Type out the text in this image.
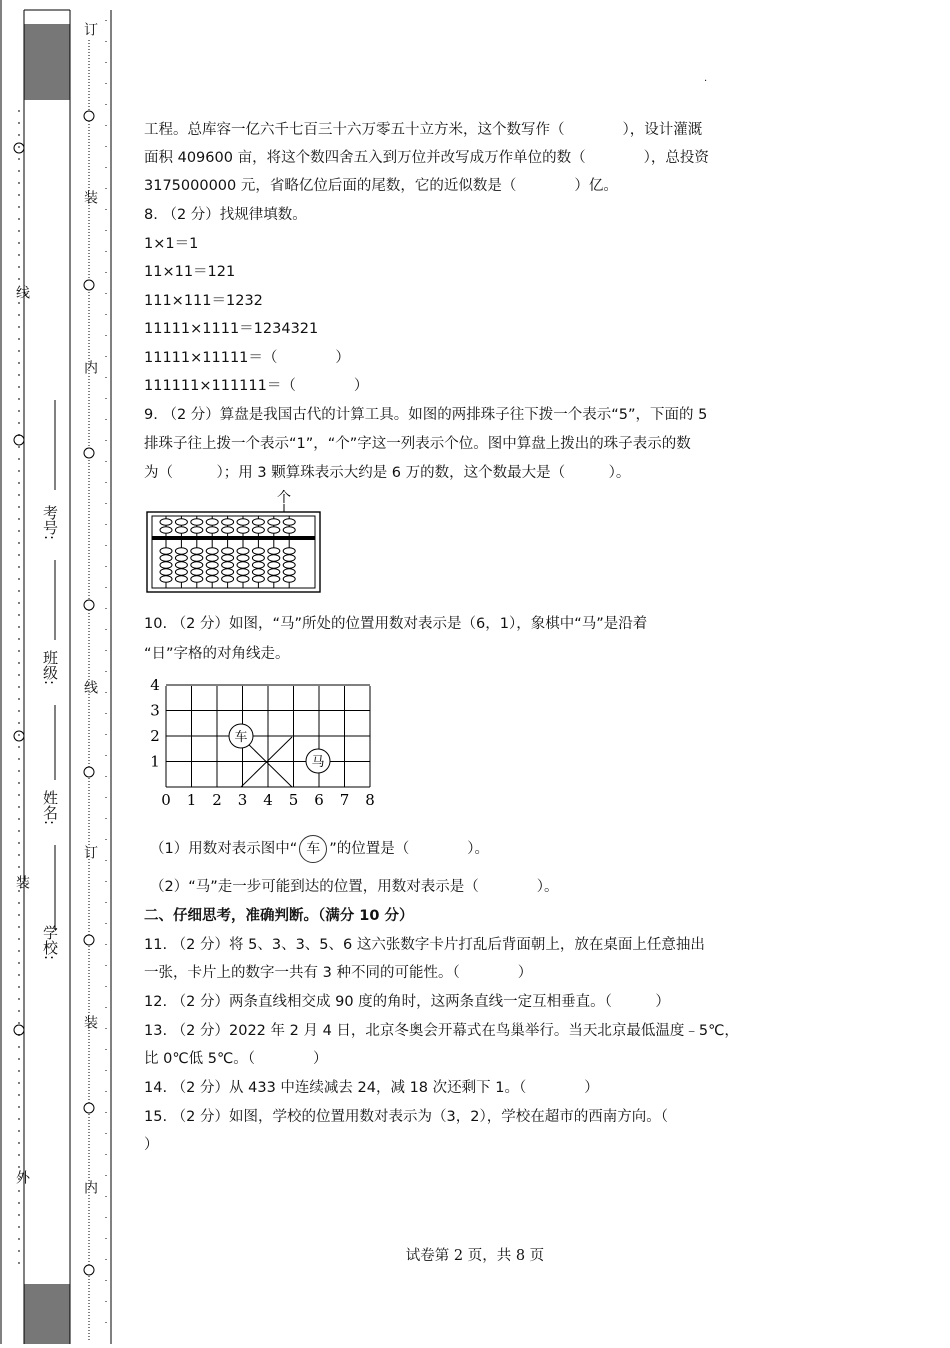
外
装
线
订
装
内
线
订
装
内
学校:
姓名:
班级:
考号:
·
工程。总库容一亿六千七百三十六万零五十立方米，这个数写作（　　　　），设计灌溉
面积 409600 亩，将这个数四舍五入到万位并改写成万作单位的数（　　　　），总投资
3175000000 元，省略亿位后面的尾数，它的近似数是（　　　　）亿。
8. （2 分）找规律填数。
1×1＝1
11×11＝121
111×111＝1232
11111×1111＝1234321
11111×11111＝（　　　　）
111111×111111＝（　　　　）
9. （2 分）算盘是我国古代的计算工具。如图的两排珠子往下拨一个表示“5”，下面的 5
排珠子往上拨一个表示“1”，“个”字这一列表示个位。图中算盘上拨出的珠子表示的数
为（　　　）；用 3 颗算珠表示大约是 6 万的数，这个数最大是（　　　）。
10. （2 分）如图，“马”所处的位置用数对表示是（6，1），象棋中“马”是沿着
“日”字格的对角线走。
（1）用数对表示图中“ 车 ”的位置是（　　　　）。
（2）“马”走一步可能到达的位置，用数对表示是（　　　　）。
二、仔细思考，准确判断。（满分 10 分）
11. （2 分）将 5、3、3、5、6 这六张数字卡片打乱后背面朝上，放在桌面上任意抽出
一张，卡片上的数字一共有 3 种不同的可能性。（　　　　）
12. （2 分）两条直线相交成 90 度的角时，这两条直线一定互相垂直。（　　　）
13. （2 分）2022 年 2 月 4 日，北京冬奥会开幕式在鸟巢举行。当天北京最低温度﹣5℃，
比 0℃低 5℃。（　　　　）
14. （2 分）从 433 中连续减去 24，减 18 次还剩下 1。（　　　　）
15. （2 分）如图，学校的位置用数对表示为（3，2），学校在超市的西南方向。（
）
个
0 1 2 3 4 5 6 7 8
4
3
2
1
车
马
试卷第 2 页，共 8 页
